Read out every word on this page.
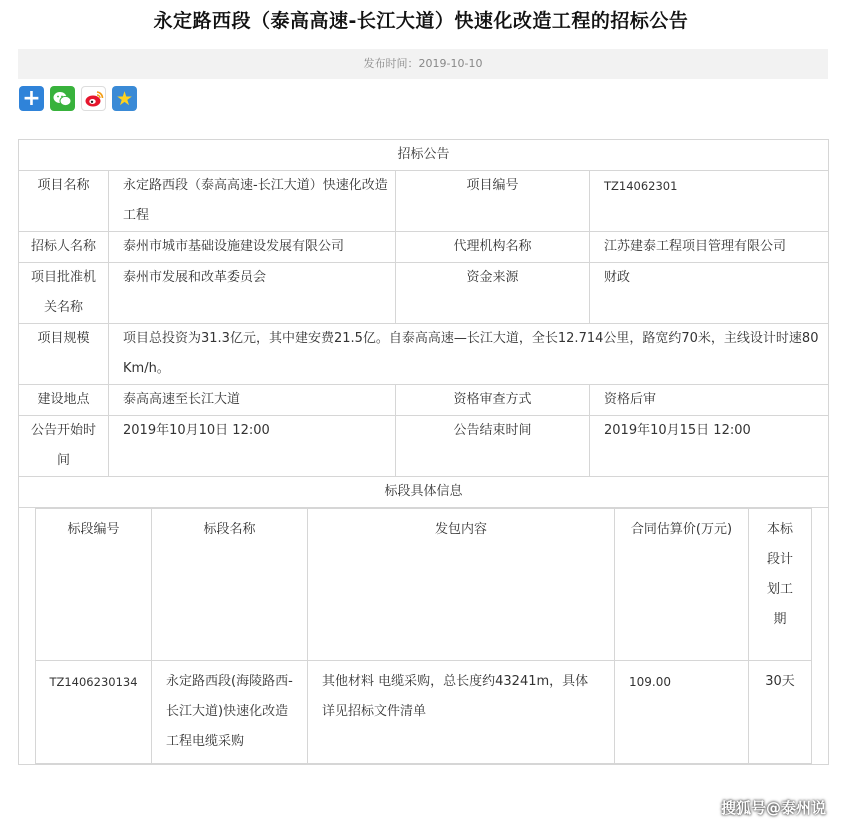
永定路西段（泰高高速-长江大道）快速化改造工程的招标公告
发布时间：2019-10-10
+	★
招标公告
项目名称	永定路西段（泰高高速-长江大道）快速化改造工程	项目编号	TZ14062301
招标人名称	泰州市城市基础设施建设发展有限公司	代理机构名称	江苏建泰工程项目管理有限公司
项目批准机关名称	泰州市发展和改革委员会	资金来源	财政
项目规模	项目总投资为31.3亿元，其中建安费21.5亿。自泰高高速—长江大道，全长12.714公里，路宽约70米，主线设计时速80Km/h。
建设地点	泰高高速至长江大道	资格审查方式	资格后审
公告开始时间	2019年10月10日 12:00	公告结束时间	2019年10月15日 12:00
标段具体信息

标段编号	标段名称	发包内容	合同估算价(万元)	本标段计划工期
TZ1406230134	永定路西段(海陵路西-长江大道)快速化改造工程电缆采购	其他材料 电缆采购，总长度约43241m，具体详见招标文件清单	109.00	30天
搜狐号@泰州说
